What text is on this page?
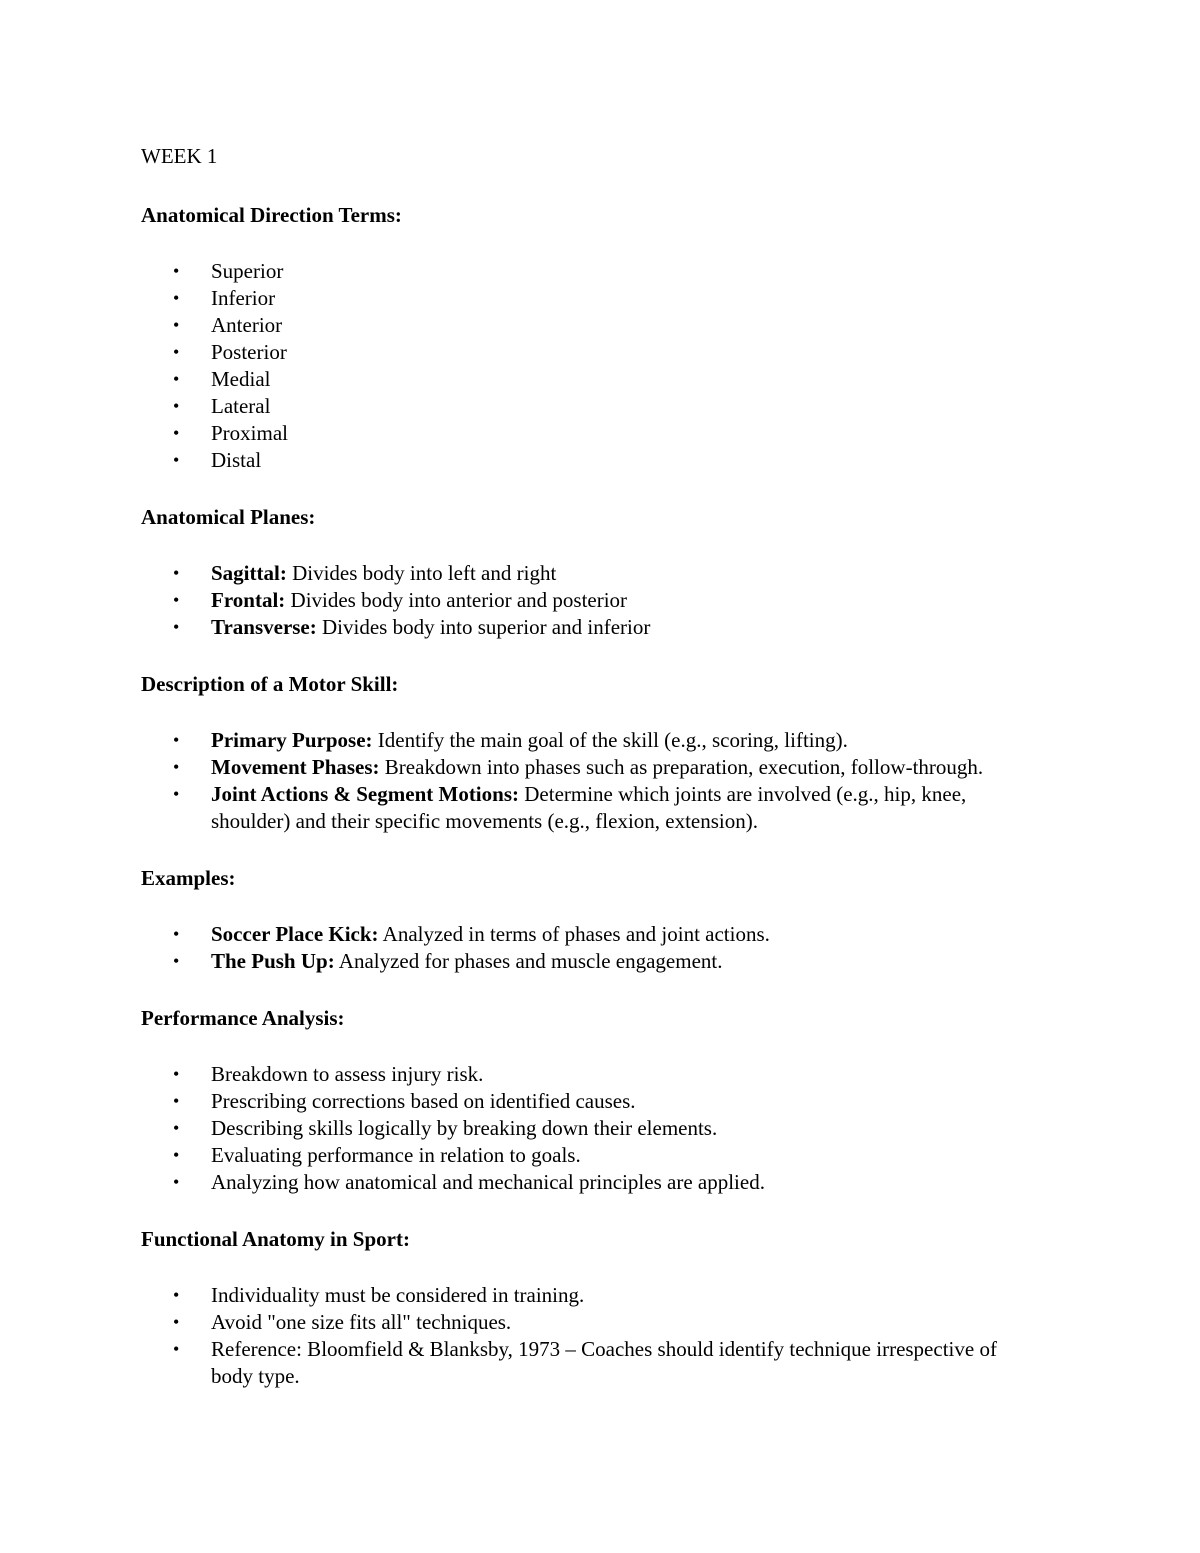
WEEK 1

Anatomical Direction Terms:

• Superior
• Inferior
• Anterior
• Posterior
• Medial
• Lateral
• Proximal
• Distal

Anatomical Planes:

• Sagittal: Divides body into left and right
• Frontal: Divides body into anterior and posterior
• Transverse: Divides body into superior and inferior

Description of a Motor Skill:

• Primary Purpose: Identify the main goal of the skill (e.g., scoring, lifting).
• Movement Phases: Breakdown into phases such as preparation, execution, follow-through.
• Joint Actions & Segment Motions: Determine which joints are involved (e.g., hip, knee, shoulder) and their specific movements (e.g., flexion, extension).

Examples:

• Soccer Place Kick: Analyzed in terms of phases and joint actions.
• The Push Up: Analyzed for phases and muscle engagement.

Performance Analysis:

• Breakdown to assess injury risk.
• Prescribing corrections based on identified causes.
• Describing skills logically by breaking down their elements.
• Evaluating performance in relation to goals.
• Analyzing how anatomical and mechanical principles are applied.

Functional Anatomy in Sport:

• Individuality must be considered in training.
• Avoid "one size fits all" techniques.
• Reference: Bloomfield & Blanksby, 1973 – Coaches should identify technique irrespective of body type.
